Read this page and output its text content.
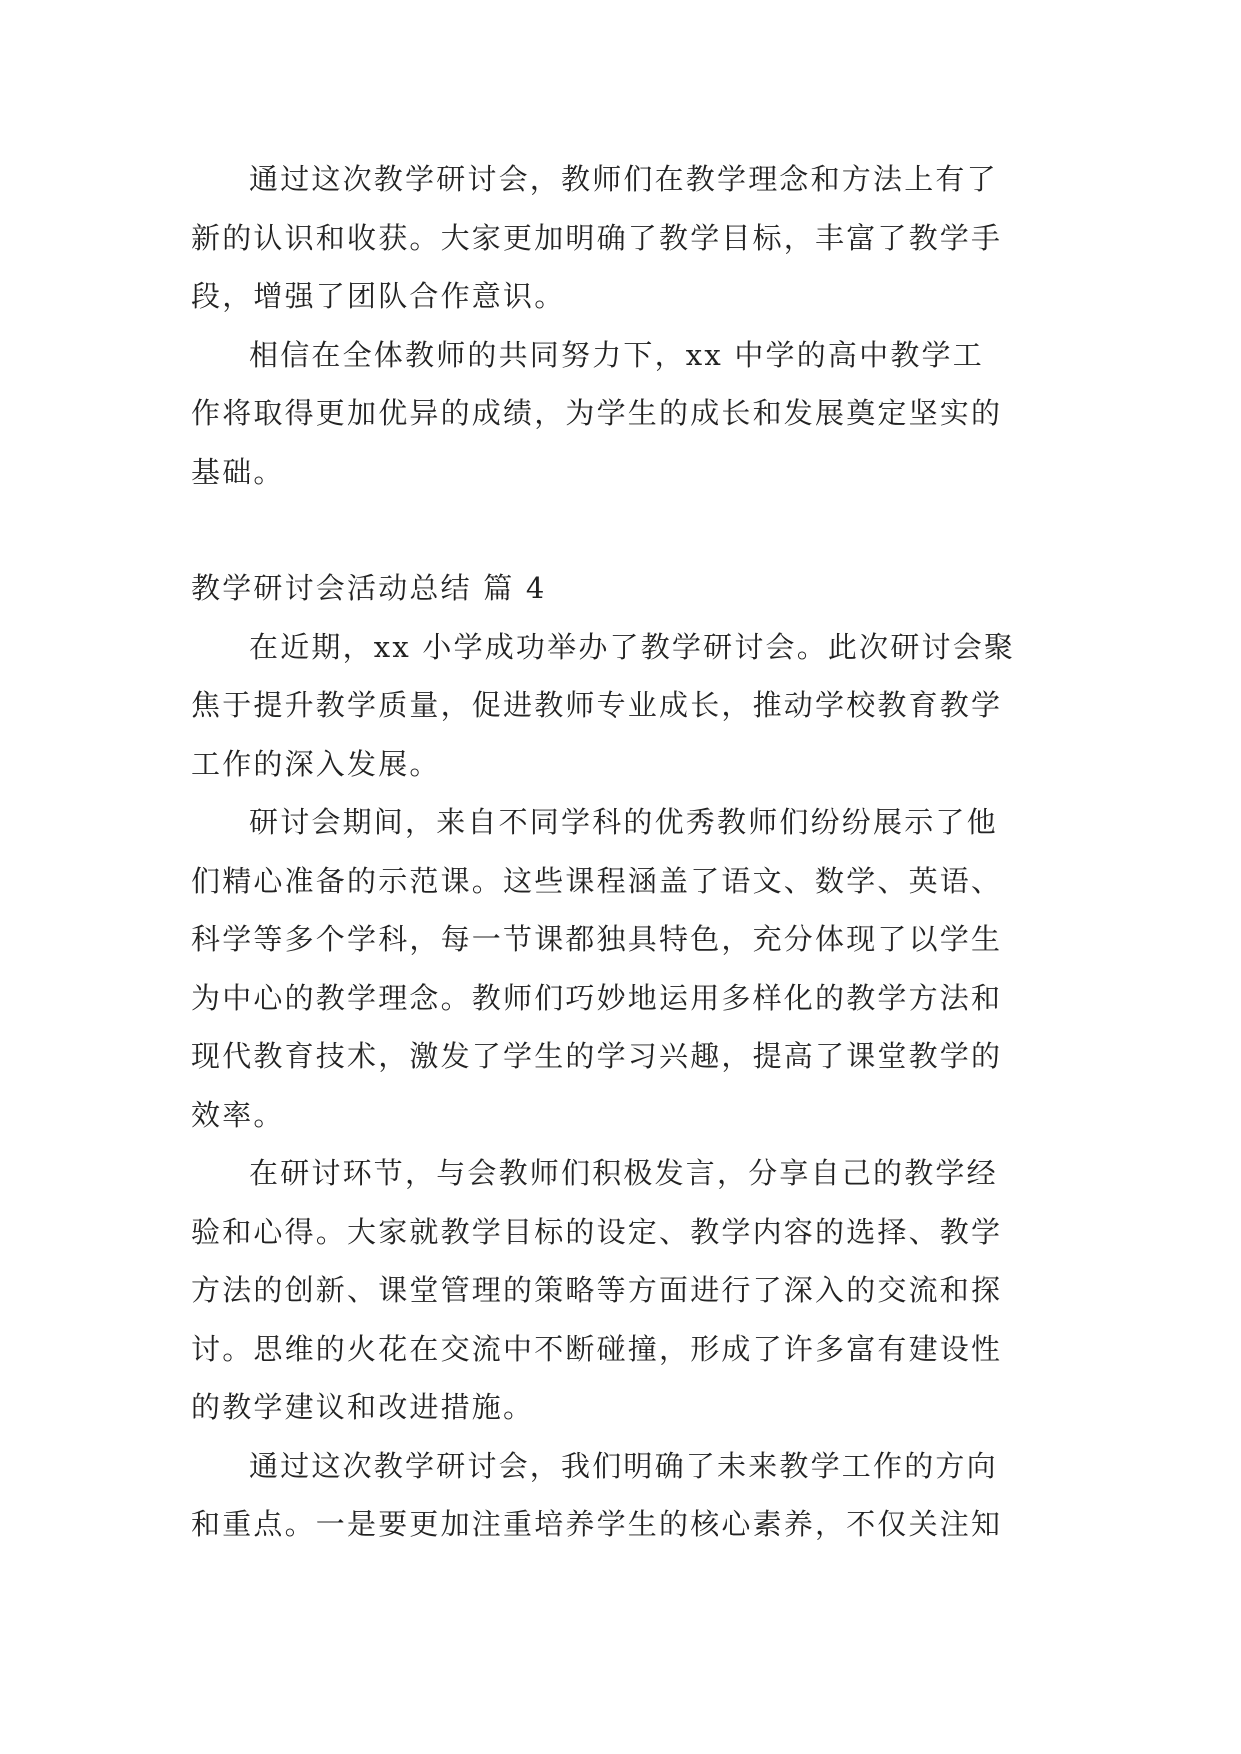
通过这次教学研讨会，教师们在教学理念和方法上有了
新的认识和收获。大家更加明确了教学目标，丰富了教学手
段，增强了团队合作意识。

相信在全体教师的共同努力下，xx 中学的高中教学工
作将取得更加优异的成绩，为学生的成长和发展奠定坚实的
基础。

教学研讨会活动总结 篇 4

在近期，xx 小学成功举办了教学研讨会。此次研讨会聚
焦于提升教学质量，促进教师专业成长，推动学校教育教学
工作的深入发展。

研讨会期间，来自不同学科的优秀教师们纷纷展示了他
们精心准备的示范课。这些课程涵盖了语文、数学、英语、
科学等多个学科，每一节课都独具特色，充分体现了以学生
为中心的教学理念。教师们巧妙地运用多样化的教学方法和
现代教育技术，激发了学生的学习兴趣，提高了课堂教学的
效率。

在研讨环节，与会教师们积极发言，分享自己的教学经
验和心得。大家就教学目标的设定、教学内容的选择、教学
方法的创新、课堂管理的策略等方面进行了深入的交流和探
讨。思维的火花在交流中不断碰撞，形成了许多富有建设性
的教学建议和改进措施。

通过这次教学研讨会，我们明确了未来教学工作的方向
和重点。一是要更加注重培养学生的核心素养，不仅关注知
